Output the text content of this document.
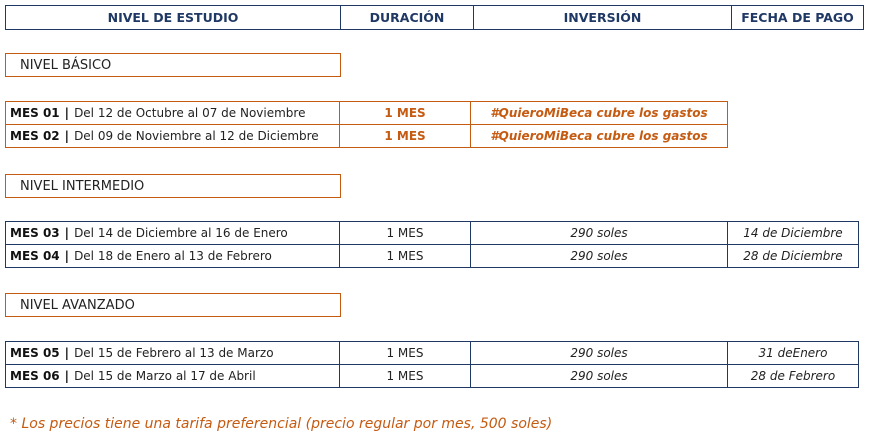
NIVEL DE ESTUDIO	DURACIÓN	INVERSIÓN	FECHA DE PAGO
NIVEL BÁSICO
MES 01 | Del 12 de Octubre al 07 de Noviembre	1 MES	#QuieroMiBeca cubre los gastos
MES 02 | Del 09 de Noviembre al 12 de Diciembre	1 MES	#QuieroMiBeca cubre los gastos
NIVEL INTERMEDIO
MES 03 | Del 14 de Diciembre al 16 de Enero	1 MES	290 soles	14 de Diciembre
MES 04 | Del 18 de Enero al 13 de Febrero	1 MES	290 soles	28 de Diciembre
NIVEL AVANZADO
MES 05 | Del 15 de Febrero al 13 de Marzo	1 MES	290 soles	31 deEnero
MES 06 | Del 15 de Marzo al 17 de Abril	1 MES	290 soles	28 de Febrero
* Los precios tiene una tarifa preferencial (precio regular por mes, 500 soles)
